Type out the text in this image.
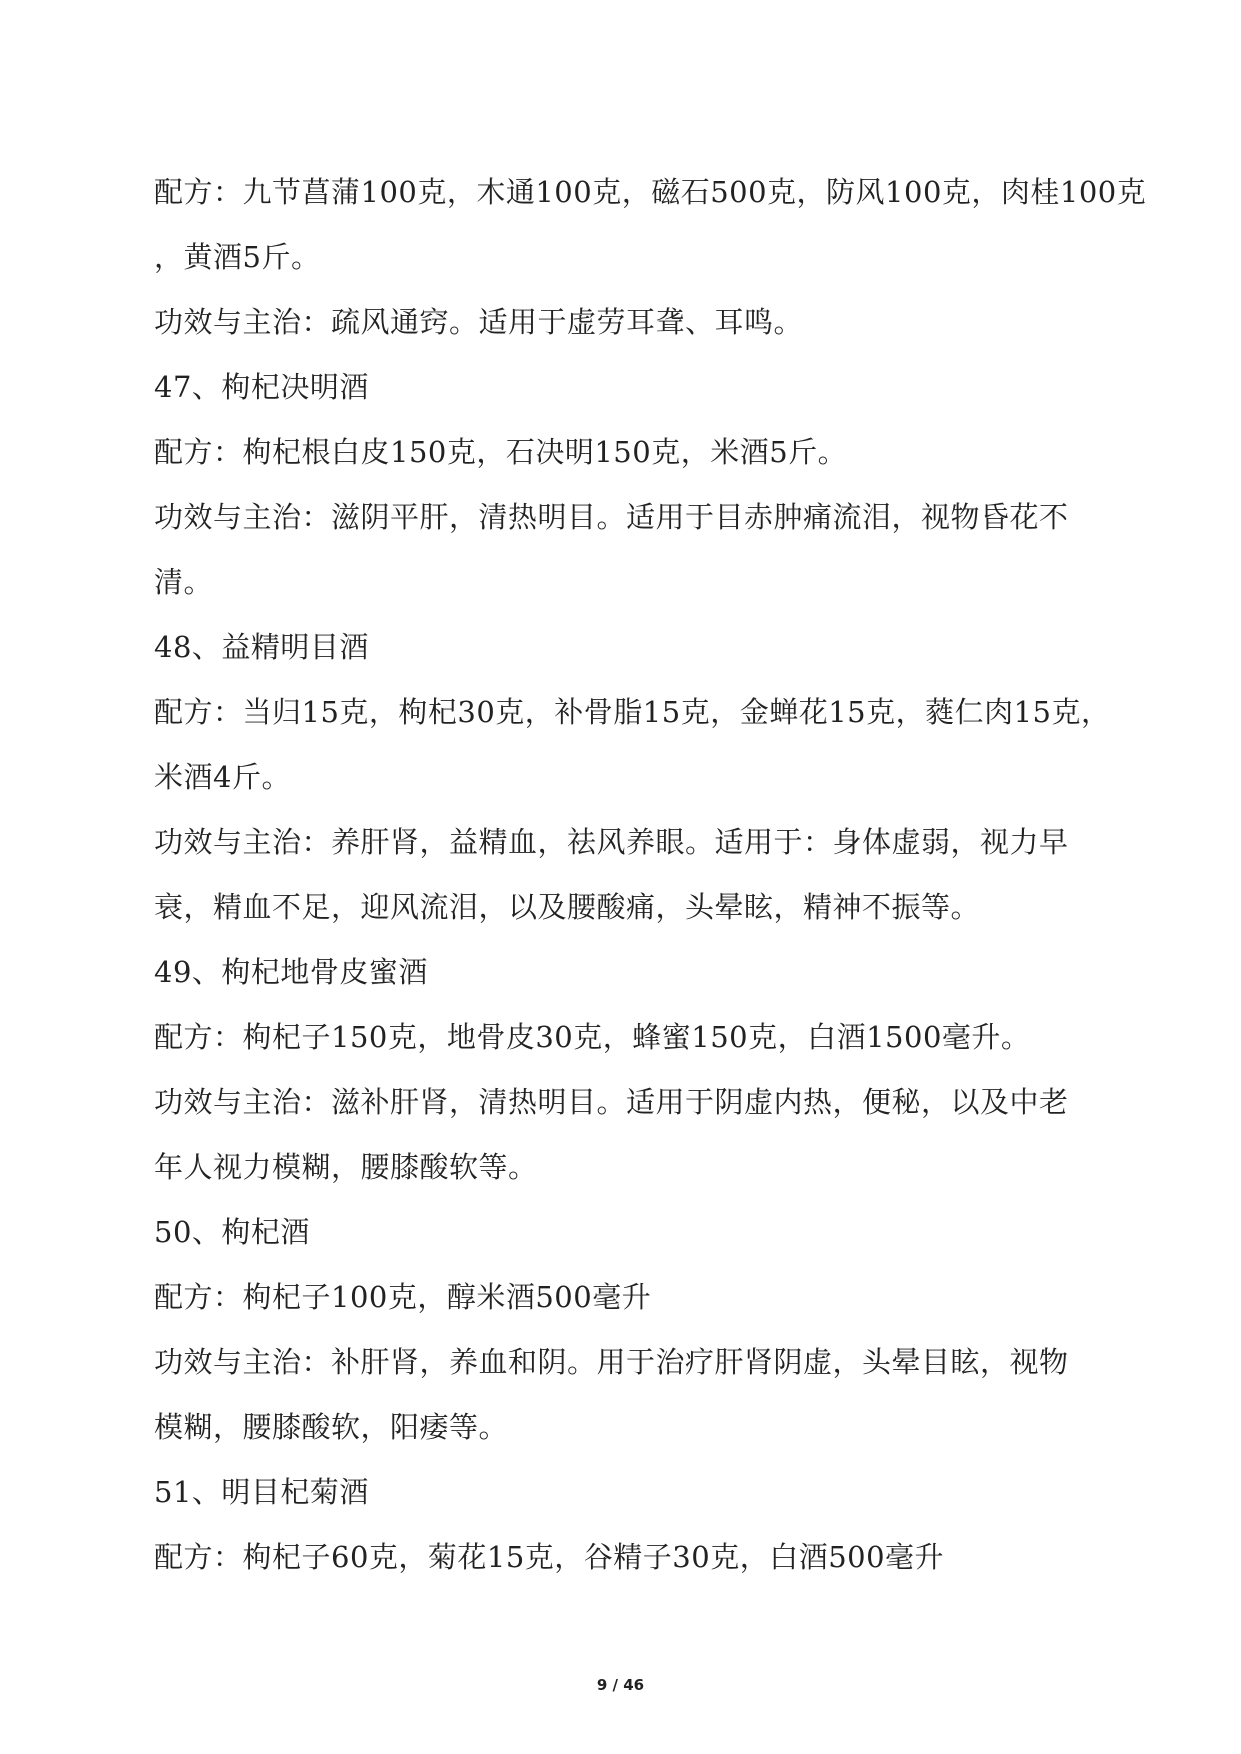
配方：九节菖蒲100克，木通100克，磁石500克，防风100克，肉桂100克
，黄酒5斤。
功效与主治：疏风通窍。适用于虚劳耳聋、耳鸣。
47、枸杞决明酒
配方：枸杞根白皮150克，石决明150克，米酒5斤。
功效与主治：滋阴平肝，清热明目。适用于目赤肿痛流泪，视物昏花不
清。
48、益精明目酒
配方：当归15克，枸杞30克，补骨脂15克，金蝉花15克，蕤仁肉15克，
米酒4斤。
功效与主治：养肝肾，益精血，祛风养眼。适用于：身体虚弱，视力早
衰，精血不足，迎风流泪，以及腰酸痛，头晕眩，精神不振等。
49、枸杞地骨皮蜜酒
配方：枸杞子150克，地骨皮30克，蜂蜜150克，白酒1500毫升。
功效与主治：滋补肝肾，清热明目。适用于阴虚内热，便秘，以及中老
年人视力模糊，腰膝酸软等。
50、枸杞酒
配方：枸杞子100克，醇米酒500毫升
功效与主治：补肝肾，养血和阴。用于治疗肝肾阴虚，头晕目眩，视物
模糊，腰膝酸软，阳痿等。
51、明目杞菊酒
配方：枸杞子60克，菊花15克，谷精子30克，白酒500毫升
9 / 46
